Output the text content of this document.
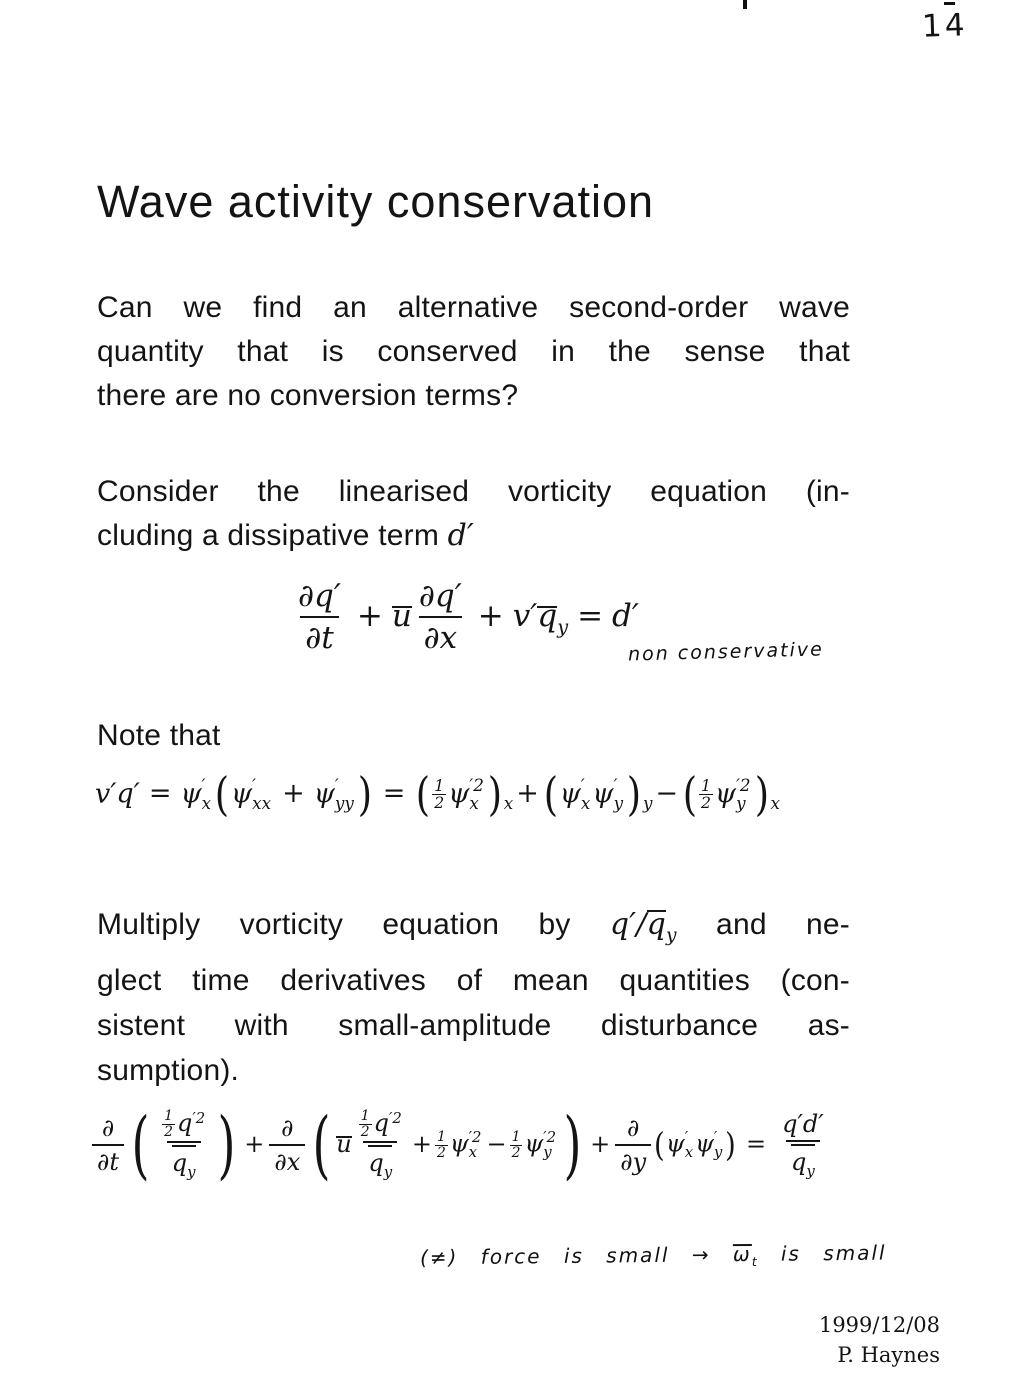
14
Wave activity conservation
Can we find an alternative second-order wave
quantity that is conserved in the sense that
there are no conversion terms?
Consider the linearised vorticity equation (in-
cluding a dissipative term d′
$\frac{\partial q'}{\partial t} + u \frac{\partial q'}{\partial x} + v'q_y = d'$
non conservative
Note that
v′q′ = ψ ′
x (ψ ′
xx + ψ ′
yy ) = ( $\frac{1}{2}$ ψ ′2
x ) $_x$ + (ψ ′
x ψ ′
y ) $_y$ − ( $\frac{1}{2}$ ψ ′2
y ) $_x$
Multiply vorticity equation by $q'/q_y$ and ne-
glect time derivatives of mean quantities (con-
sistent with small-amplitude disturbance as-
sumption).
$\frac{\partial}{\partial t}$ ( $\frac{\frac{1}{2} q^{'2}}{q_y}$ ) + $\frac{\partial}{\partial x}$ ( u $\frac{\frac{1}{2} q^{'2}}{q_y} + \frac{1}{2}$ ψ ′2
$x - \frac{1}{2}$ ψ ′2
y ) + $\frac{\partial}{\partial y} (\psi$ ′
x ψ ′
y ) = $\frac{q'd'}{q_y}$
(≠) force is small → $\omega_t$ is small
1999/12/08
P. Haynes
